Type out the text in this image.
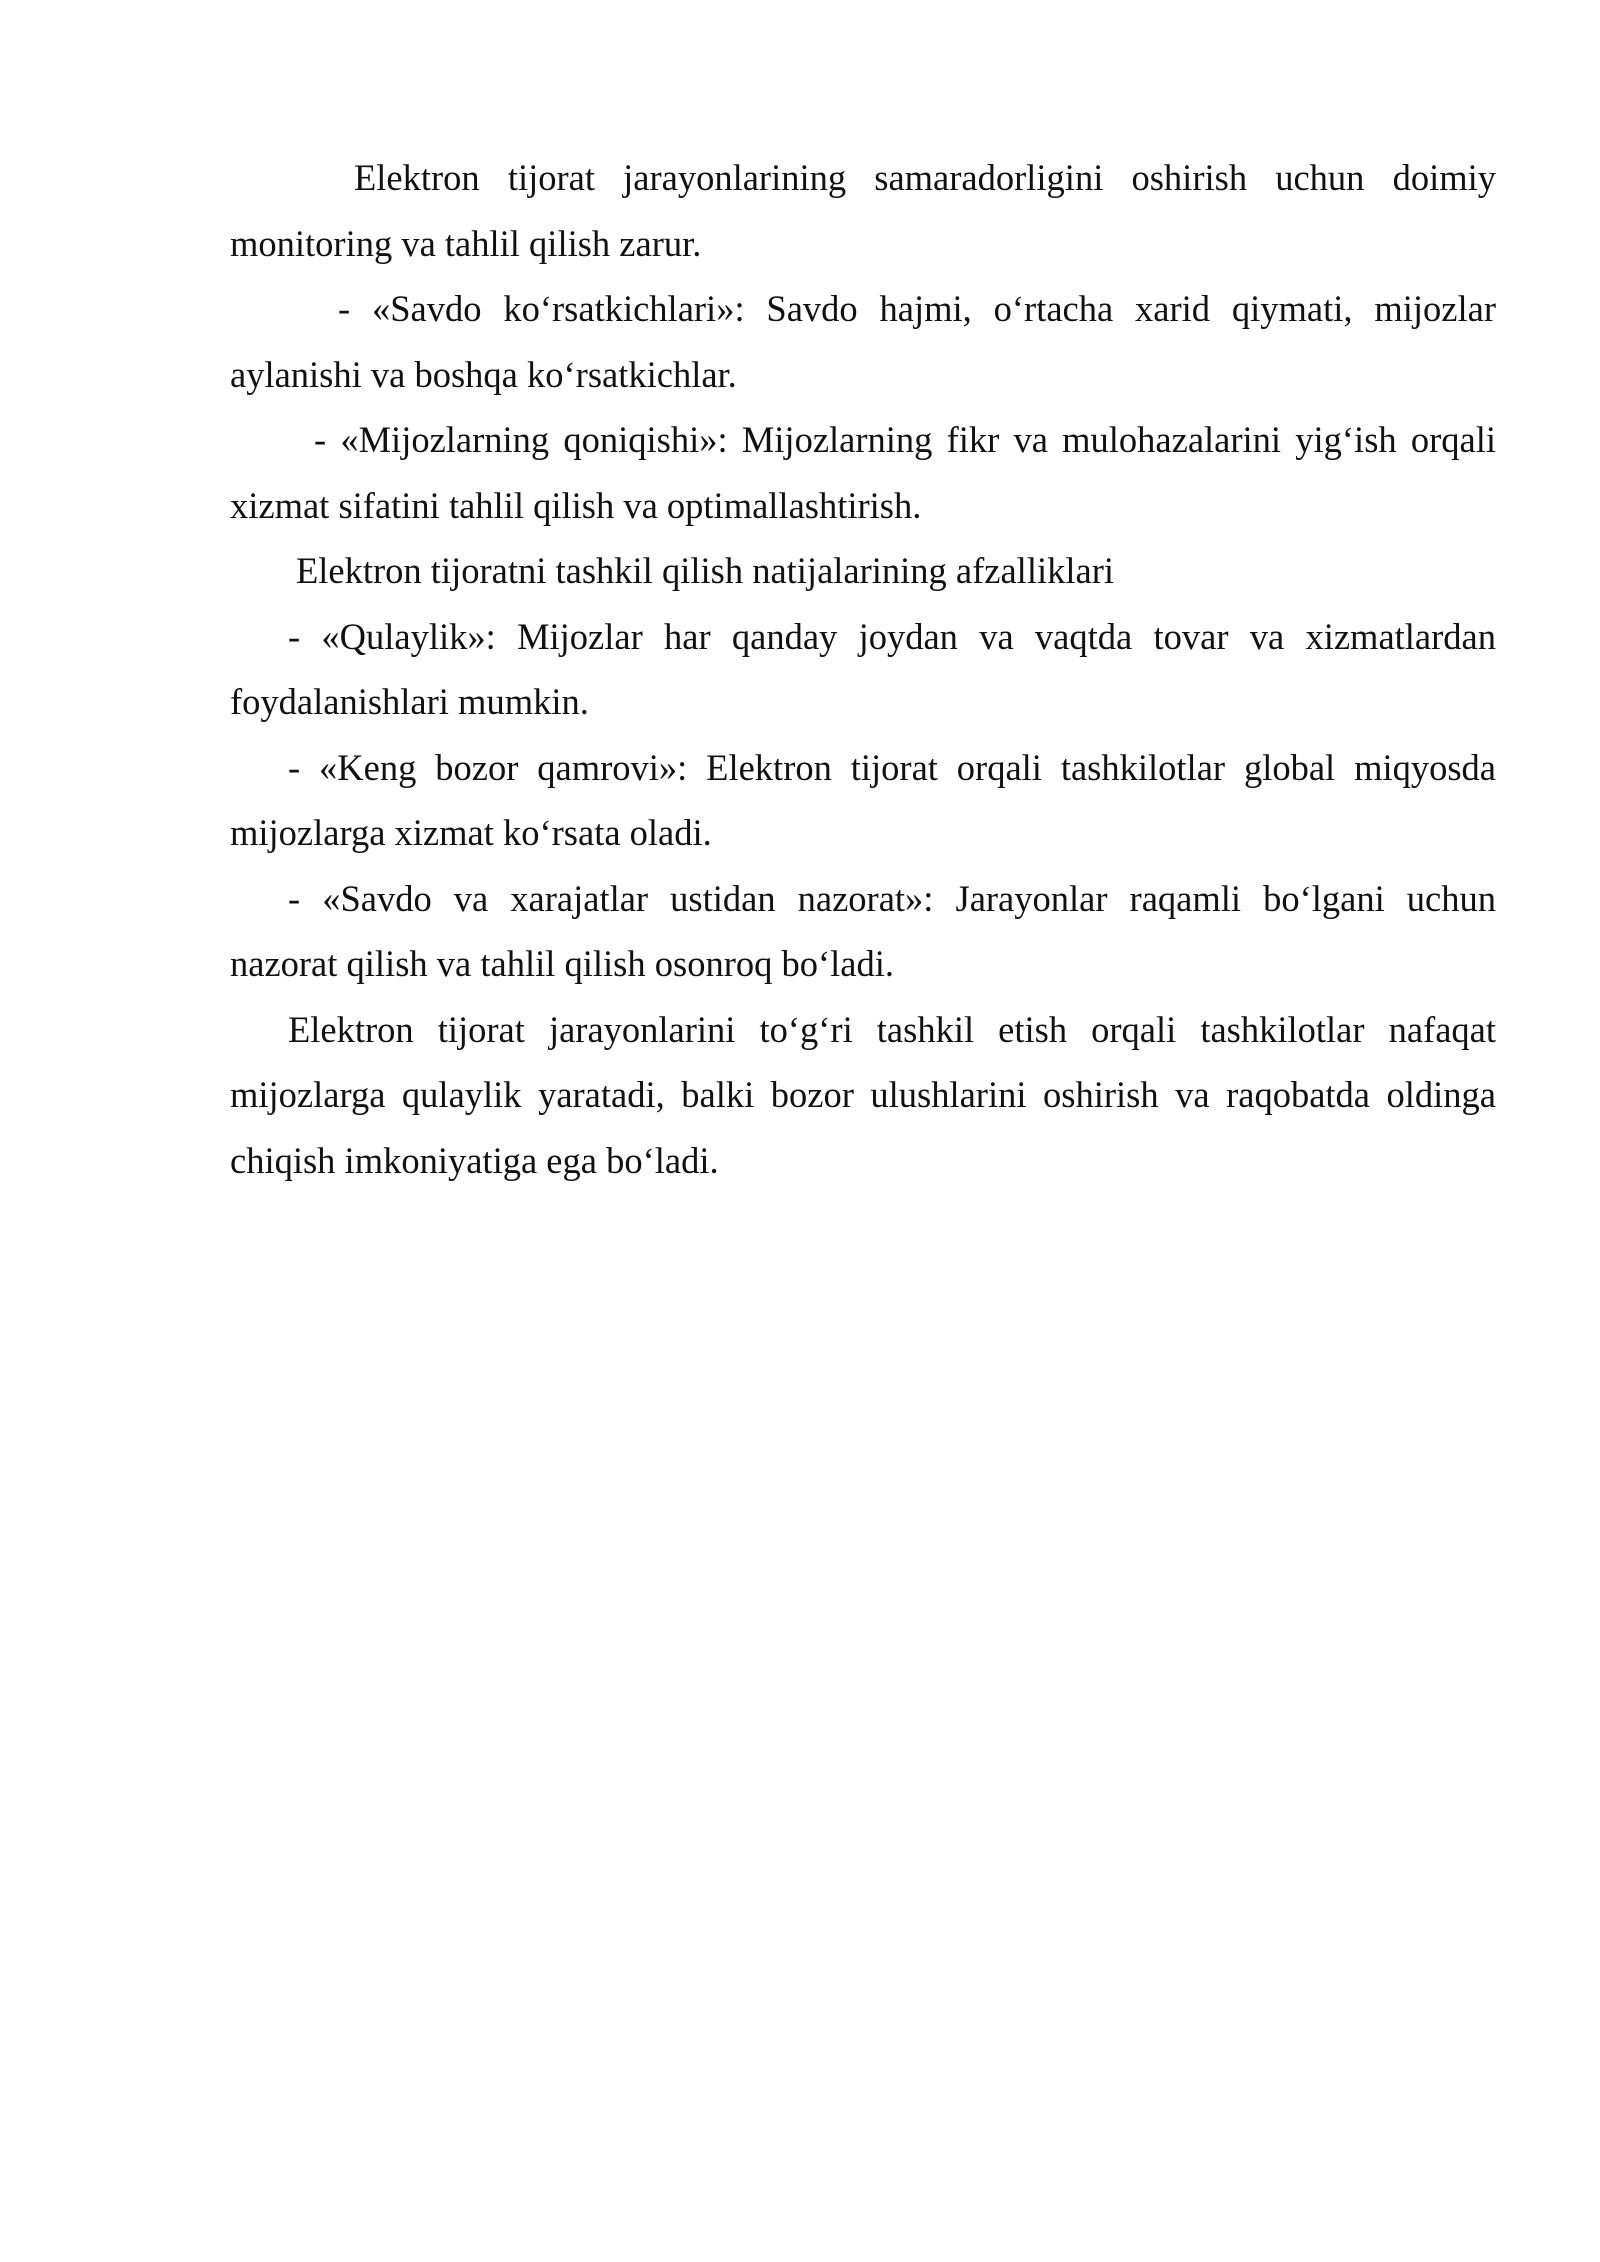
Elektron tijorat jarayonlarining samaradorligini oshirish uchun doimiy monitoring va tahlil qilish zarur.

- «Savdo ko‘rsatkichlari»: Savdo hajmi, o‘rtacha xarid qiymati, mijozlar aylanishi va boshqa ko‘rsatkichlar.

- «Mijozlarning qoniqishi»: Mijozlarning fikr va mulohazalarini yig‘ish orqali xizmat sifatini tahlil qilish va optimallashtirish.

Elektron tijoratni tashkil qilish natijalarining afzalliklari

- «Qulaylik»: Mijozlar har qanday joydan va vaqtda tovar va xizmatlardan foydalanishlari mumkin.

- «Keng bozor qamrovi»: Elektron tijorat orqali tashkilotlar global miqyosda mijozlarga xizmat ko‘rsata oladi.

- «Savdo va xarajatlar ustidan nazorat»: Jarayonlar raqamli bo‘lgani uchun nazorat qilish va tahlil qilish osonroq bo‘ladi.

Elektron tijorat jarayonlarini to‘g‘ri tashkil etish orqali tashkilotlar nafaqat mijozlarga qulaylik yaratadi, balki bozor ulushlarini oshirish va raqobatda oldinga chiqish imkoniyatiga ega bo‘ladi.
